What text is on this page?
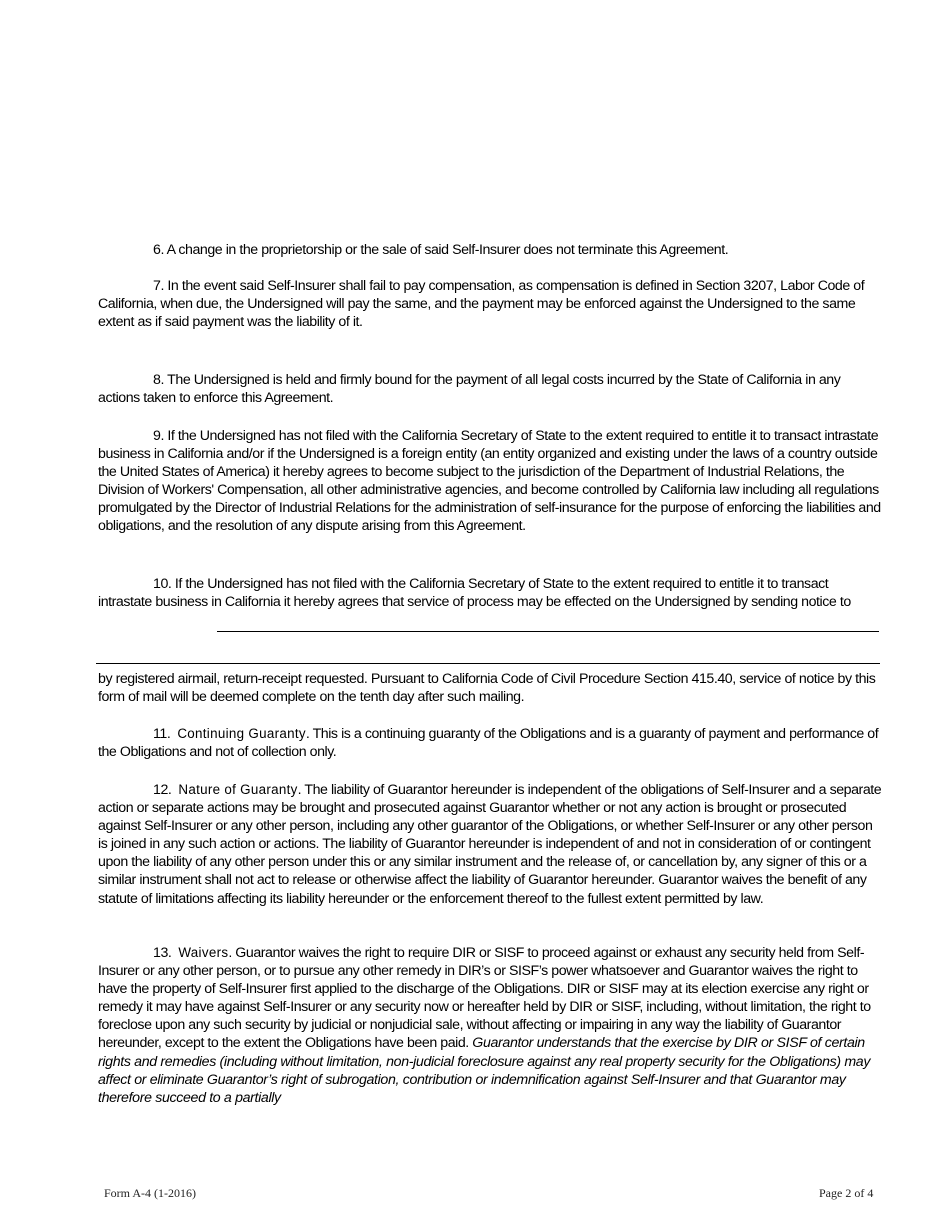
6. A change in the proprietorship or the sale of said Self-Insurer does not terminate this Agreement.

7. In the event said Self-Insurer shall fail to pay compensation, as compensation is defined in Section 3207, Labor Code of California, when due, the Undersigned will pay the same, and the payment may be enforced against the Undersigned to the same extent as if said payment was the liability of it.

8. The Undersigned is held and firmly bound for the payment of all legal costs incurred by the State of California in any actions taken to enforce this Agreement.

9. If the Undersigned has not filed with the California Secretary of State to the extent required to entitle it to transact intrastate business in California and/or if the Undersigned is a foreign entity (an entity organized and existing under the laws of a country outside the United States of America) it hereby agrees to become subject to the jurisdiction of the Department of Industrial Relations, the Division of Workers' Compensation, all other administrative agencies, and become controlled by California law including all regulations promulgated by the Director of Industrial Relations for the administration of self-insurance for the purpose of enforcing the liabilities and obligations, and the resolution of any dispute arising from this Agreement.

10. If the Undersigned has not filed with the California Secretary of State to the extent required to entitle it to transact intrastate business in California it hereby agrees that service of process may be effected on the Undersigned by sending notice to

by registered airmail, return-receipt requested. Pursuant to California Code of Civil Procedure Section 415.40, service of notice by this form of mail will be deemed complete on the tenth day after such mailing.

11. Continuing Guaranty. This is a continuing guaranty of the Obligations and is a guaranty of payment and performance of the Obligations and not of collection only.

12. Nature of Guaranty. The liability of Guarantor hereunder is independent of the obligations of Self-Insurer and a separate action or separate actions may be brought and prosecuted against Guarantor whether or not any action is brought or prosecuted against Self-Insurer or any other person, including any other guarantor of the Obligations, or whether Self-Insurer or any other person is joined in any such action or actions. The liability of Guarantor hereunder is independent of and not in consideration of or contingent upon the liability of any other person under this or any similar instrument and the release of, or cancellation by, any signer of this or a similar instrument shall not act to release or otherwise affect the liability of Guarantor hereunder. Guarantor waives the benefit of any statute of limitations affecting its liability hereunder or the enforcement thereof to the fullest extent permitted by law.

13. Waivers. Guarantor waives the right to require DIR or SISF to proceed against or exhaust any security held from Self-Insurer or any other person, or to pursue any other remedy in DIR’s or SISF’s power whatsoever and Guarantor waives the right to have the property of Self-Insurer first applied to the discharge of the Obligations. DIR or SISF may at its election exercise any right or remedy it may have against Self-Insurer or any security now or hereafter held by DIR or SISF, including, without limitation, the right to foreclose upon any such security by judicial or nonjudicial sale, without affecting or impairing in any way the liability of Guarantor hereunder, except to the extent the Obligations have been paid. Guarantor understands that the exercise by DIR or SISF of certain rights and remedies (including without limitation, non-judicial foreclosure against any real property security for the Obligations) may affect or eliminate Guarantor’s right of subrogation, contribution or indemnification against Self-Insurer and that Guarantor may therefore succeed to a partially

Form A-4 (1-2016)	Page 2 of 4
